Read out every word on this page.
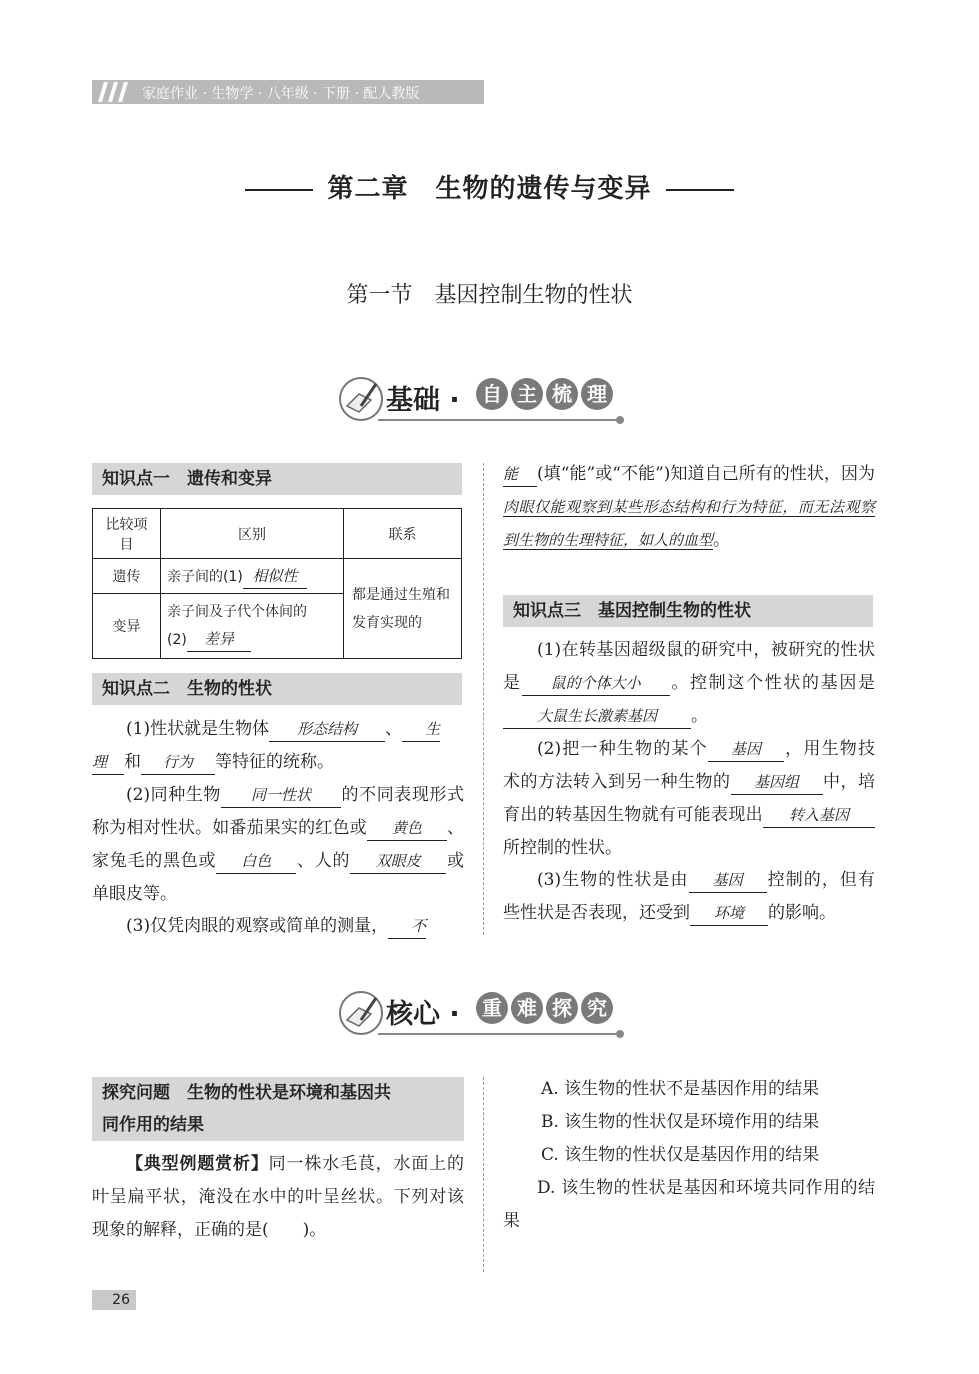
家庭作业 · 生物学 · 八年级 · 下册 · 配人教版
第二章　生物的遗传与变异
第一节　基因控制生物的性状
基础 ·	自 主 梳 理
知识点一　遗传和变异
比较项目	区别	联系
遗传	亲子间的(1) 相似性	都是通过生殖和发育实现的
变异	亲子间及子代个体间的
(2) 差异	
知识点二　生物的性状
(1)性状就是生物体 形态结构 、 生
理 和 行为 等特征的统称。
(2)同种生物 同一性状 的不同表现形式称为相对性状。如番茄果实的红色或 黄色 、家兔毛的黑色或 白色 、人的 双眼皮 或单眼皮等。
(3)仅凭肉眼的观察或简单的测量， 不
能 (填“能”或“不能”)知道自己所有的性状，因为肉眼仅能观察到某些形态结构和行为特征，而无法观察到生物的生理特征，如人的血型。
知识点三　基因控制生物的性状
(1)在转基因超级鼠的研究中，被研究的性状是 鼠的个体大小 。控制这个性状的基因是大鼠生长激素基因 。
(2)把一种生物的某个 基因 ，用生物技术的方法转入到另一种生物的 基因组 中，培育出的转基因生物就有可能表现出 转入基因所控制的性状。
(3)生物的性状是由 基因 控制的，但有些性状是否表现，还受到 环境 的影响。
核心 ·	重 难 探 究
探究问题　生物的性状是环境和基因共
同作用的结果
【典型例题赏析】同一株水毛茛，水面上的叶呈扁平状，淹没在水中的叶呈丝状。下列对该现象的解释，正确的是(　　)。
A. 该生物的性状不是基因作用的结果
B. 该生物的性状仅是环境作用的结果
C. 该生物的性状仅是基因作用的结果
D. 该生物的性状是基因和环境共同作用的结果
26
